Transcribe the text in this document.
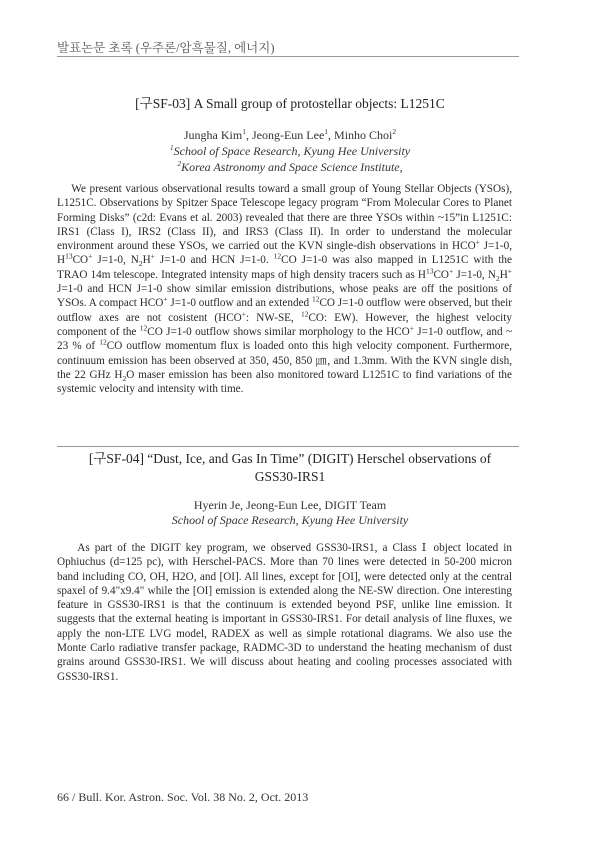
발표논문 초록 (우주론/암흑물질, 에너지)
[구SF-03] A Small group of protostellar objects: L1251C
Jungha Kim$^1$, Jeong-Eun Lee$^1$, Minho Choi$^2$
$^1$School of Space Research, Kyung Hee University
$^2$Korea Astronomy and Space Science Institute,

We present various observational results toward a small group of Young Stellar Objects (YSOs), L1251C. Observations by Spitzer Space Telescope legacy program “From Molecular Cores to Planet Forming Disks” (c2d: Evans et al. 2003) revealed that there are three YSOs within ~15”in L1251C: IRS1 (Class I), IRS2 (Class II), and IRS3 (Class II). In order to understand the molecular environment around these YSOs, we carried out the KVN single-dish observations in HCO+ J=1-0, $H^{13}CO^+$ J=1-0, $N_2H^+$ J=1-0 and HCN J=1-0. $^{12}$CO J=1-0 was also mapped in L1251C with the TRAO 14m telescope. Integrated intensity maps of high density tracers such as $H^{13}CO^+$ J=1-0, $N_2H^+$ J=1-0 and HCN J=1-0 show similar emission distributions, whose peaks are off the positions of YSOs. A compact HCO+ J=1-0 outflow and an extended $^{12}$CO J=1-0 outflow were observed, but their outflow axes are not cosistent (HCO+: NW-SE, $^{12}$CO: EW). However, the highest velocity component of the $^{12}$CO J=1-0 outflow shows similar morphology to the HCO+ J=1-0 outflow, and ~ 23 % of $^{12}$CO outflow momentum flux is loaded onto this high velocity component. Furthermore, continuum emission has been observed at 350, 450, 850 ㎛, and 1.3mm. With the KVN single dish, the 22 GHz $H_2O$ maser emission has been also monitored toward L1251C to find variations of the systemic velocity and intensity with time.

[구SF-04] “Dust, Ice, and Gas In Time” (DIGIT) Herschel observations of GSS30-IRS1
Hyerin Je, Jeong-Eun Lee, DIGIT Team
School of Space Research, Kyung Hee University

As part of the DIGIT key program, we observed GSS30-IRS1, a Class Ⅰ object located in Ophiuchus (d=125 pc), with Herschel-PACS. More than 70 lines were detected in 50-200 micron band including CO, OH, H2O, and [OI]. All lines, except for [OI], were detected only at the central spaxel of 9.4"x9.4" while the [OI] emission is extended along the NE-SW direction. One interesting feature in GSS30-IRS1 is that the continuum is extended beyond PSF, unlike line emission. It suggests that the external heating is important in GSS30-IRS1. For detail analysis of line fluxes, we apply the non-LTE LVG model, RADEX as well as simple rotational diagrams. We also use the Monte Carlo radiative transfer package, RADMC-3D to understand the heating mechanism of dust grains around GSS30-IRS1. We will discuss about heating and cooling processes associated with GSS30-IRS1.

66 / Bull. Kor. Astron. Soc. Vol. 38 No. 2, Oct. 2013
